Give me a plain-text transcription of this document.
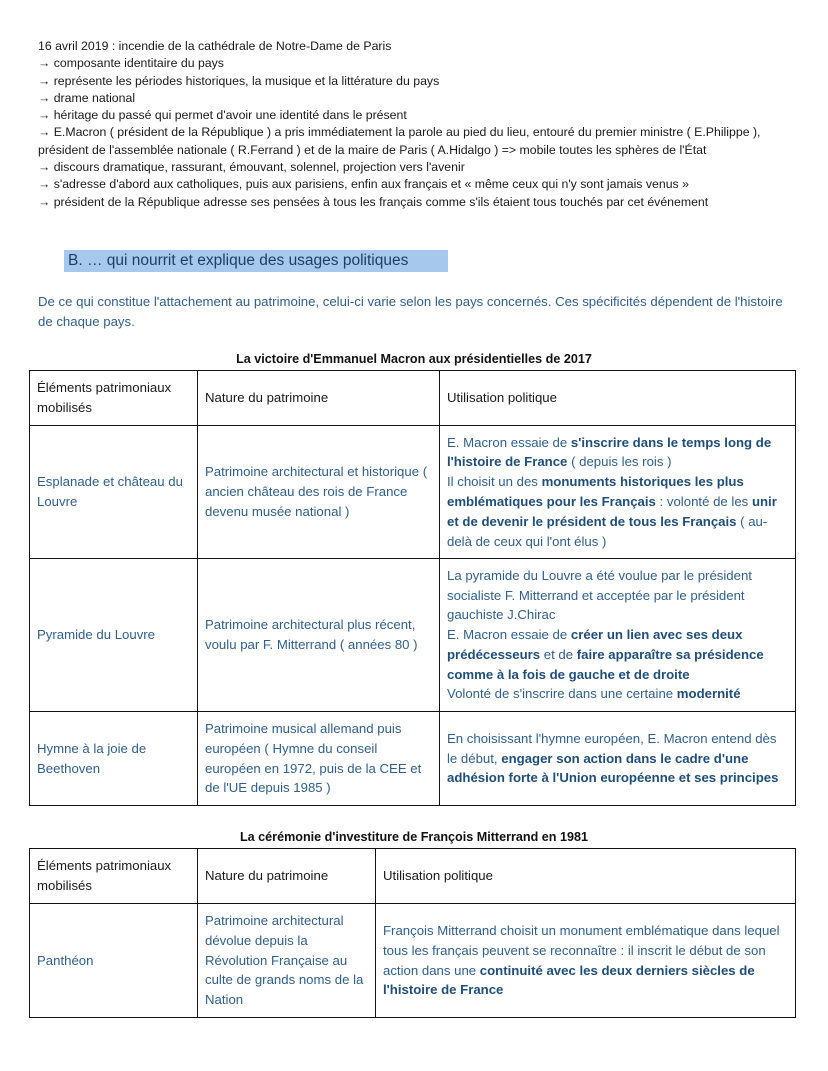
16 avril 2019 : incendie de la cathédrale de Notre-Dame de Paris
→ composante identitaire du pays
→ représente les périodes historiques, la musique et la littérature du pays
→ drame national
→ héritage du passé qui permet d'avoir une identité dans le présent
→ E.Macron ( président de la République ) a pris immédiatement la parole au pied du lieu, entouré du premier ministre ( E.Philippe ), président de l'assemblée nationale ( R.Ferrand ) et de la maire de Paris ( A.Hidalgo ) => mobile toutes les sphères de l'État
→ discours dramatique, rassurant, émouvant, solennel, projection vers l'avenir
→ s'adresse d'abord aux catholiques, puis aux parisiens, enfin aux français et « même ceux qui n'y sont jamais venus »
→ président de la République adresse ses pensées à tous les français comme s'ils étaient tous touchés par cet événement
B. … qui nourrit et explique des usages politiques
De ce qui constitue l'attachement au patrimoine, celui-ci varie selon les pays concernés. Ces spécificités dépendent de l'histoire de chaque pays.
La victoire d'Emmanuel Macron aux présidentielles de 2017
Éléments patrimoniaux mobilisés	Nature du patrimoine	Utilisation politique
Esplanade et château du Louvre	Patrimoine architectural et historique ( ancien château des rois de France devenu musée national )	E. Macron essaie de s'inscrire dans le temps long de l'histoire de France ( depuis les rois )
Il choisit un des monuments historiques les plus emblématiques pour les Français : volonté de les unir et de devenir le président de tous les Français ( au-delà de ceux qui l'ont élus )
Pyramide du Louvre	Patrimoine architectural plus récent, voulu par F. Mitterrand ( années 80 )	La pyramide du Louvre a été voulue par le président socialiste F. Mitterrand et acceptée par le président gauchiste J.Chirac
E. Macron essaie de créer un lien avec ses deux prédécesseurs et de faire apparaître sa présidence comme à la fois de gauche et de droite
Volonté de s'inscrire dans une certaine modernité
Hymne à la joie de Beethoven	Patrimoine musical allemand puis européen ( Hymne du conseil européen en 1972, puis de la CEE et de l'UE depuis 1985 )	En choisissant l'hymne européen, E. Macron entend dès le début, engager son action dans le cadre d'une adhésion forte à l'Union européenne et ses principes
La cérémonie d'investiture de François Mitterrand en 1981
Éléments patrimoniaux mobilisés	Nature du patrimoine	Utilisation politique
Panthéon	Patrimoine architectural dévolue depuis la Révolution Française au culte de grands noms de la Nation	François Mitterrand choisit un monument emblématique dans lequel tous les français peuvent se reconnaître : il inscrit le début de son action dans une continuité avec les deux derniers siècles de l'histoire de France
